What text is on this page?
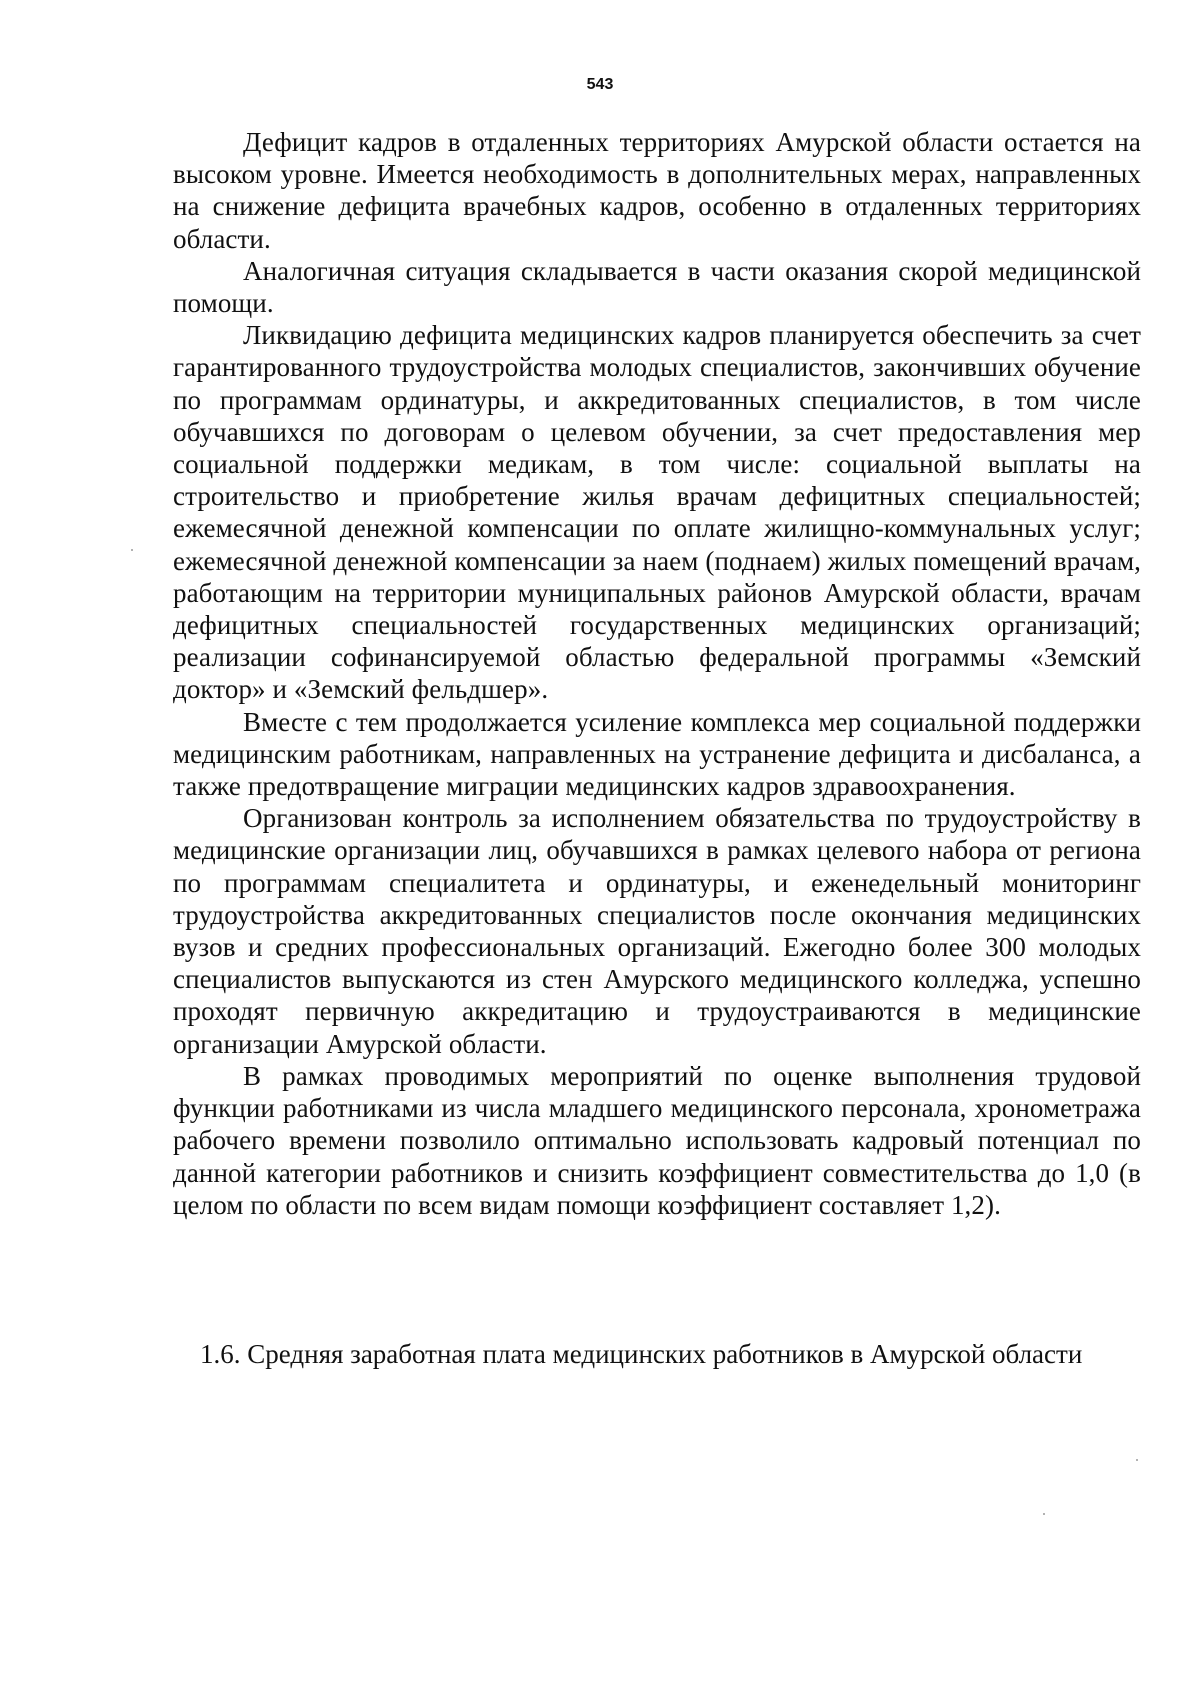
543

Дефицит кадров в отдаленных территориях Амурской области остается на высоком уровне. Имеется необходимость в дополнительных мерах, направленных на снижение дефицита врачебных кадров, особенно в отдаленных территориях области.

Аналогичная ситуация складывается в части оказания скорой медицинской помощи.

Ликвидацию дефицита медицинских кадров планируется обеспечить за счет гарантированного трудоустройства молодых специалистов, закончивших обучение по программам ординатуры, и аккредитованных специалистов, в том числе обучавшихся по договорам о целевом обучении, за счет предоставления мер социальной поддержки медикам, в том числе: социальной выплаты на строительство и приобретение жилья врачам дефицитных специальностей; ежемесячной денежной компенсации по оплате жилищно-коммунальных услуг; ежемесячной денежной компенсации за наем (поднаем) жилых помещений врачам, работающим на территории муниципальных районов Амурской области, врачам дефицитных специальностей государственных медицинских организаций; реализации софинансируемой областью федеральной программы «Земский доктор» и «Земский фельдшер».

Вместе с тем продолжается усиление комплекса мер социальной поддержки медицинским работникам, направленных на устранение дефицита и дисбаланса, а также предотвращение миграции медицинских кадров здравоохранения.

Организован контроль за исполнением обязательства по трудоустройству в медицинские организации лиц, обучавшихся в рамках целевого набора от региона по программам специалитета и ординатуры, и еженедельный мониторинг трудоустройства аккредитованных специалистов после окончания медицинских вузов и средних профессиональных организаций. Ежегодно более 300 молодых специалистов выпускаются из стен Амурского медицинского колледжа, успешно проходят первичную аккредитацию и трудоустраиваются в медицинские организации Амурской области.

В рамках проводимых мероприятий по оценке выполнения трудовой функции работниками из числа младшего медицинского персонала, хронометража рабочего времени позволило оптимально использовать кадровый потенциал по данной категории работников и снизить коэффициент совместительства до 1,0 (в целом по области по всем видам помощи коэффициент составляет 1,2).

1.6. Средняя заработная плата медицинских работников в Амурской области
